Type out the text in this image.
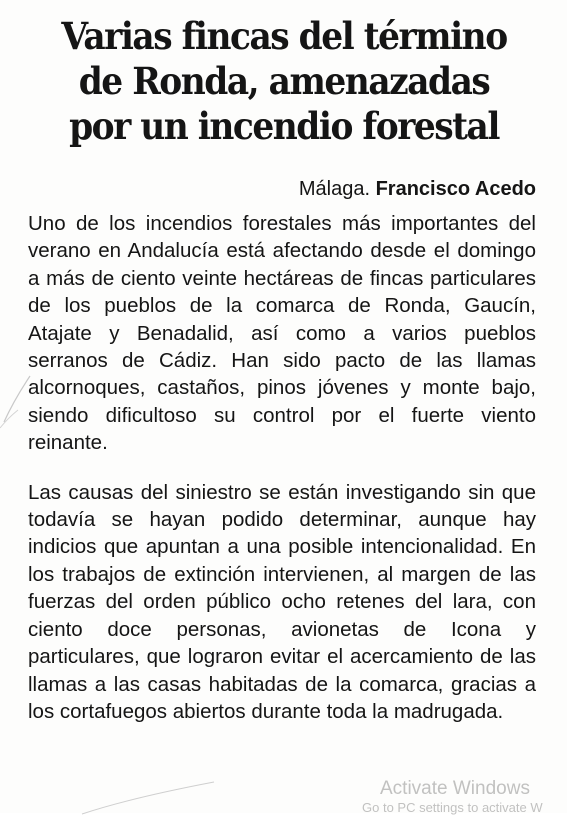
Varias fincas del término de Ronda, amenazadas por un incendio forestal
Málaga. Francisco Acedo

Uno de los incendios forestales más importantes del verano en Andalucía está afectando desde el domingo a más de ciento veinte hectáreas de fincas particulares de los pueblos de la comarca de Ronda, Gaucín, Atajate y Benadalid, así como a varios pueblos serranos de Cádiz. Han sido pacto de las llamas alcornoques, castaños, pinos jóvenes y monte bajo, siendo dificultoso su control por el fuerte viento reinante.

Las causas del siniestro se están investigando sin que todavía se hayan podido determinar, aunque hay indicios que apuntan a una posible intencionalidad. En los trabajos de extinción intervienen, al margen de las fuerzas del orden público ocho retenes del lara, con ciento doce personas, avionetas de Icona y particulares, que lograron evitar el acercamiento de las llamas a las casas habitadas de la comarca, gracias a los cortafuegos abiertos durante toda la madrugada.

Activate Windows
Go to PC settings to activate W
